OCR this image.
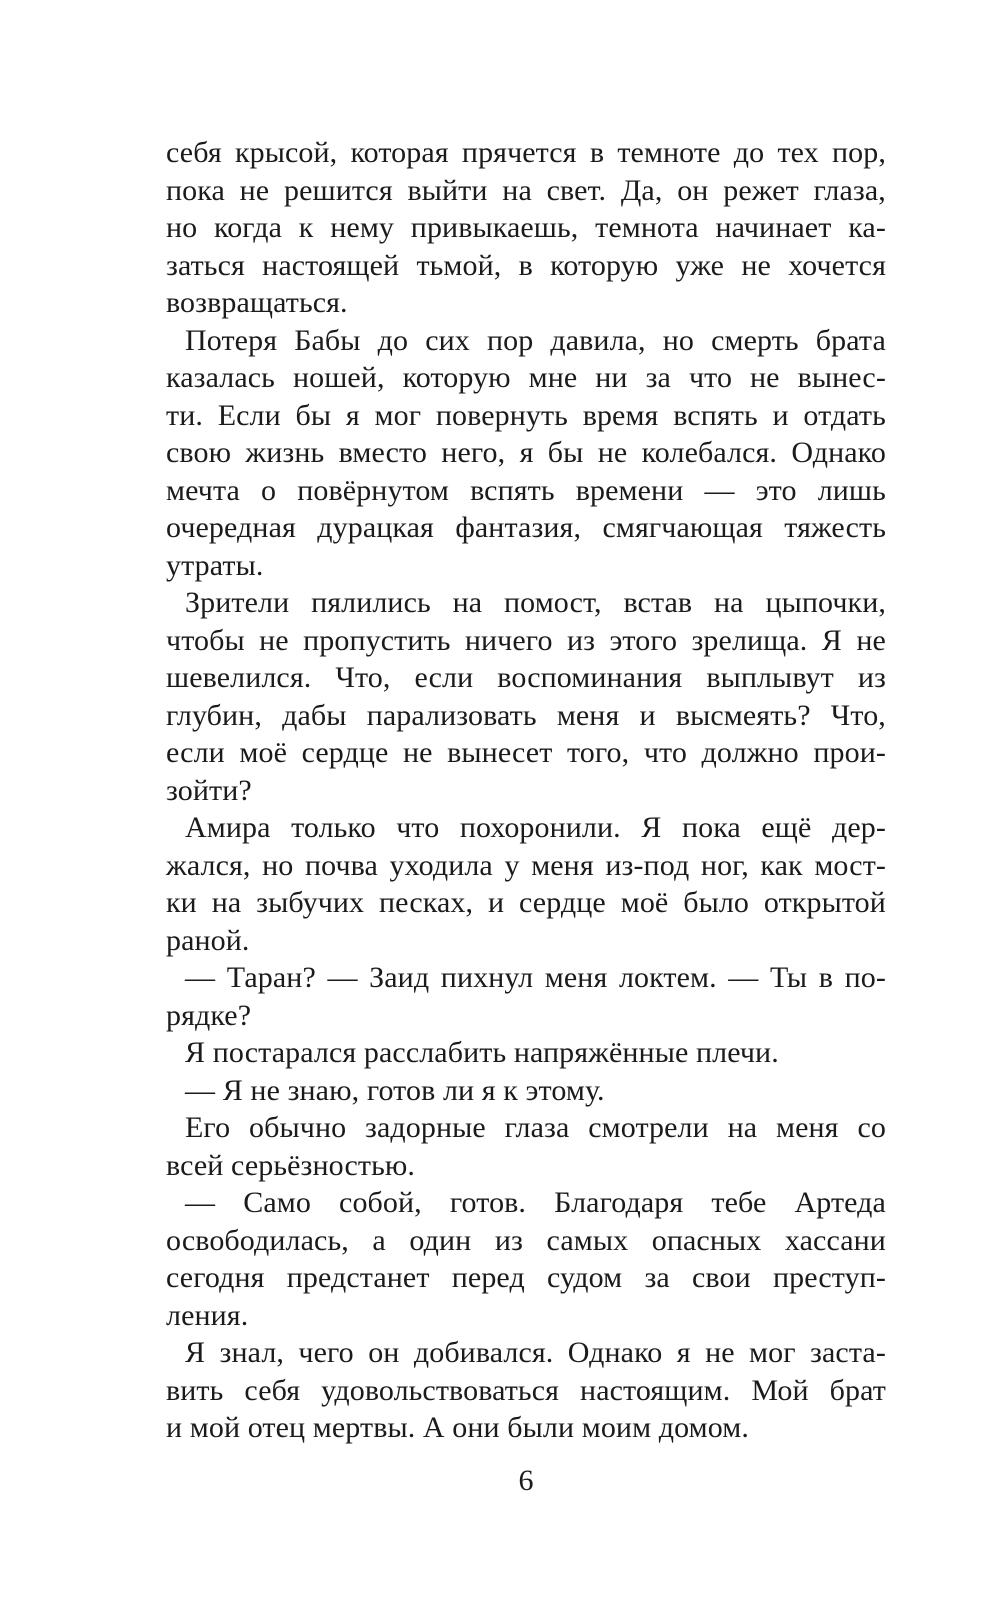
себя крысой, которая прячется в темноте до тех пор,
пока не решится выйти на свет. Да, он режет глаза,
но когда к нему привыкаешь, темнота начинает ка-
заться настоящей тьмой, в которую уже не хочется
возвращаться.
Потеря Бабы до сих пор давила, но смерть брата
казалась ношей, которую мне ни за что не вынес-
ти. Если бы я мог повернуть время вспять и отдать
свою жизнь вместо него, я бы не колебался. Однако
мечта о повёрнутом вспять времени — это лишь
очередная дурацкая фантазия, смягчающая тяжесть
утраты.
Зрители пялились на помост, встав на цыпочки,
чтобы не пропустить ничего из этого зрелища. Я не
шевелился. Что, если воспоминания выплывут из
глубин, дабы парализовать меня и высмеять? Что,
если моё сердце не вынесет того, что должно прои-
зойти?
Амира только что похоронили. Я пока ещё дер-
жался, но почва уходила у меня из-под ног, как мост-
ки на зыбучих песках, и сердце моё было открытой
раной.
— Таран? — Заид пихнул меня локтем. — Ты в по-
рядке?
Я постарался расслабить напряжённые плечи.
— Я не знаю, готов ли я к этому.
Его обычно задорные глаза смотрели на меня со
всей серьёзностью.
— Само собой, готов. Благодаря тебе Артеда
освободилась, а один из самых опасных хассани
сегодня предстанет перед судом за свои преступ-
ления.
Я знал, чего он добивался. Однако я не мог заста-
вить себя удовольствоваться настоящим. Мой брат
и мой отец мертвы. А они были моим домом.
6
